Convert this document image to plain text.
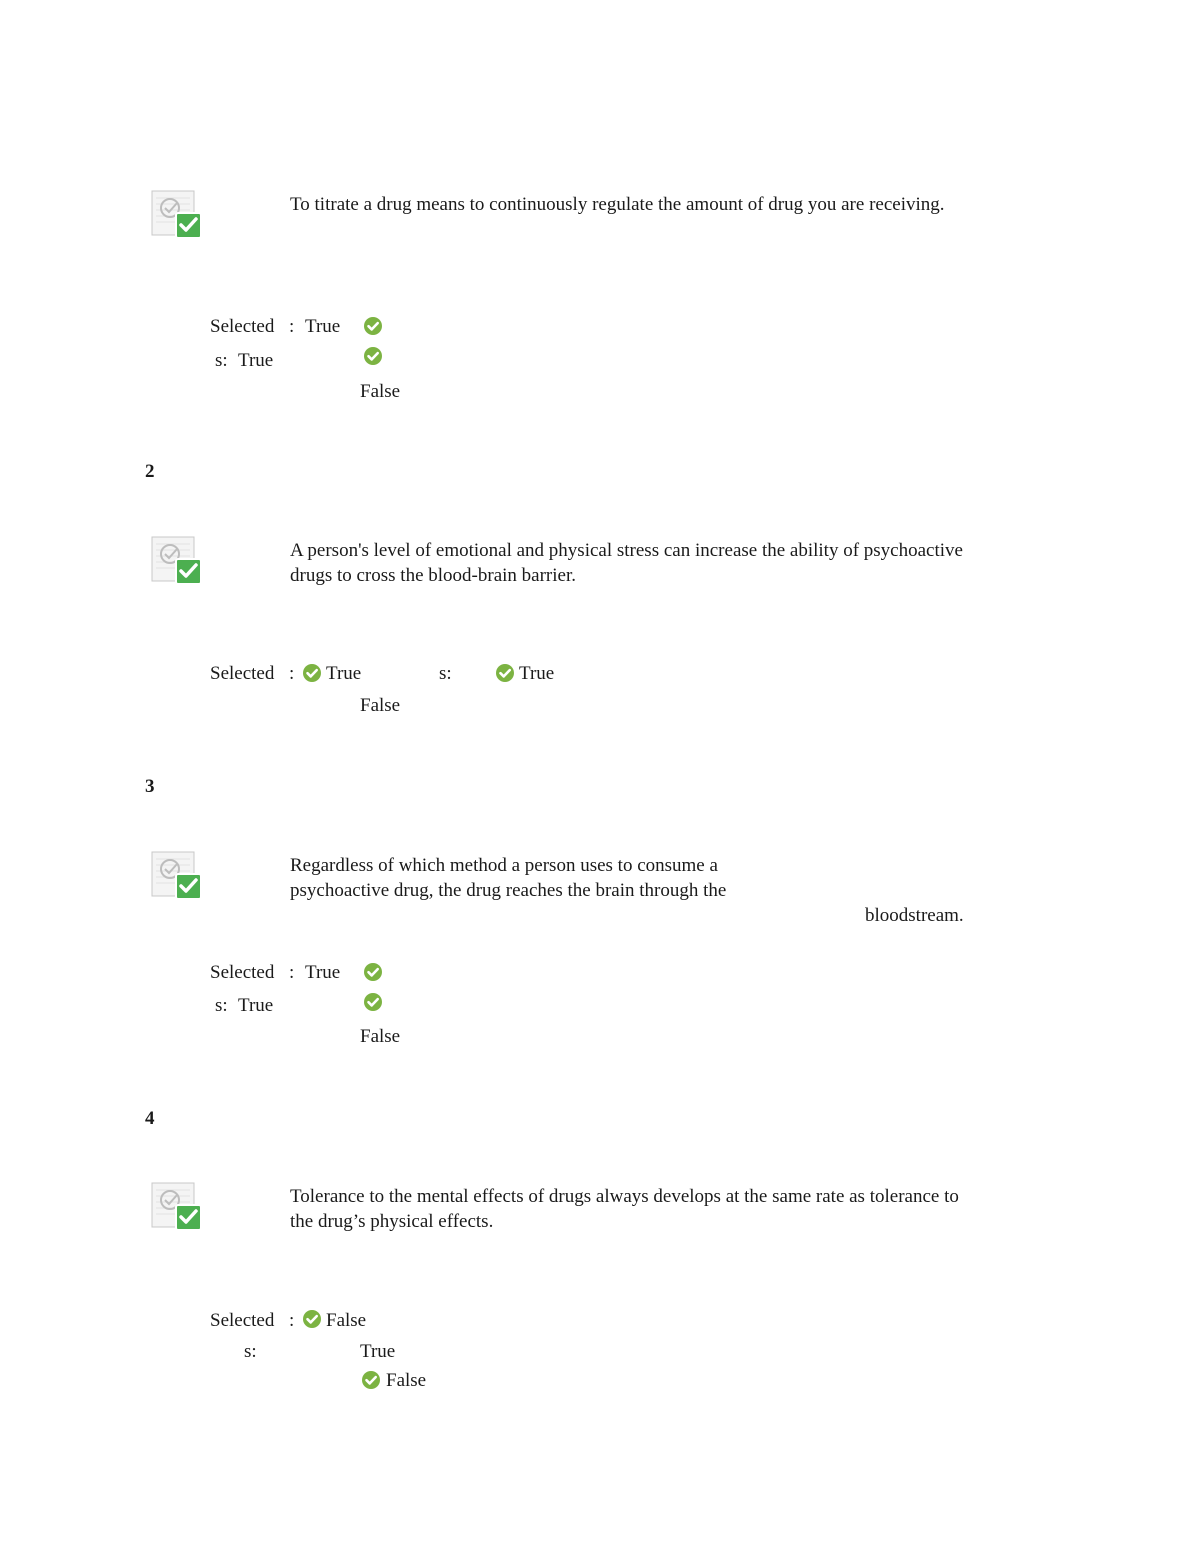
To titrate a drug means to continuously regulate the amount of drug you are receiving.
Selected : True
s: True
False
2
A person's level of emotional and physical stress can increase the ability of psychoactive
drugs to cross the blood-brain barrier.
Selected : True	s:	True
False
3
Regardless of which method a person uses to consume a
psychoactive drug, the drug reaches the brain through the
bloodstream.
Selected : True
s: True
False
4
Tolerance to the mental effects of drugs always develops at the same rate as tolerance to
the drug’s physical effects.
Selected : False
s:	True
False
